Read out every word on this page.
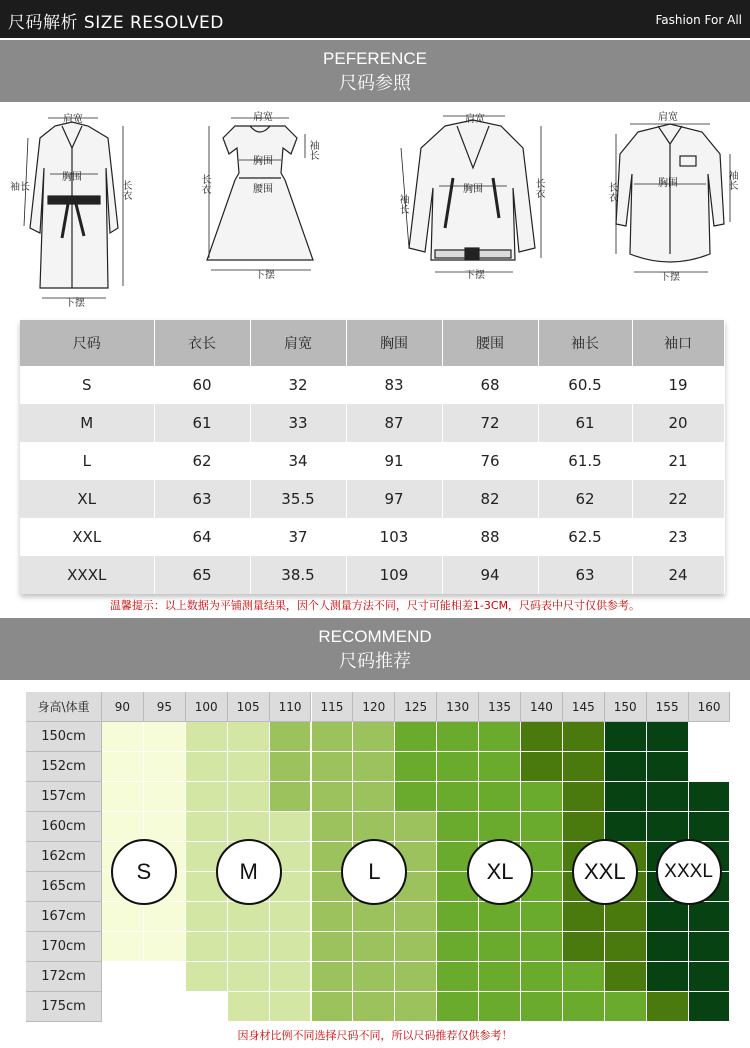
尺码解析 SIZE RESOLVED	Fashion For All
PEFERENCE
尺码参照
肩宽
胸围
袖长	长衣
下摆
肩宽
胸围
腰围
袖长
长衣
下摆
肩宽
胸围
袖长
长衣
下摆
肩宽
胸围	袖长
长衣
下摆
尺码	衣长	肩宽	胸围	腰围	袖长	袖口
S	60	32	83	68	60.5	19
M	61	33	87	72	61	20
L	62	34	91	76	61.5	21
XL	63	35.5	97	82	62	22
XXL	64	37	103	88	62.5	23
XXXL	65	38.5	109	94	63	24
温馨提示：以上数据为平铺测量结果，因个人测量方法不同，尺寸可能相差1-3CM，尺码表中尺寸仅供参考。
RECOMMEND
尺码推荐
身高\体重	90	95	100	105	110	115	120	125	130	135	140	145	150	155	160
150cm
152cm
157cm
160cm
162cm
165cm
167cm
170cm
172cm
175cm
S	M	L	XL	XXL	XXXL
因身材比例不同选择尺码不同，所以尺码推荐仅供参考！
